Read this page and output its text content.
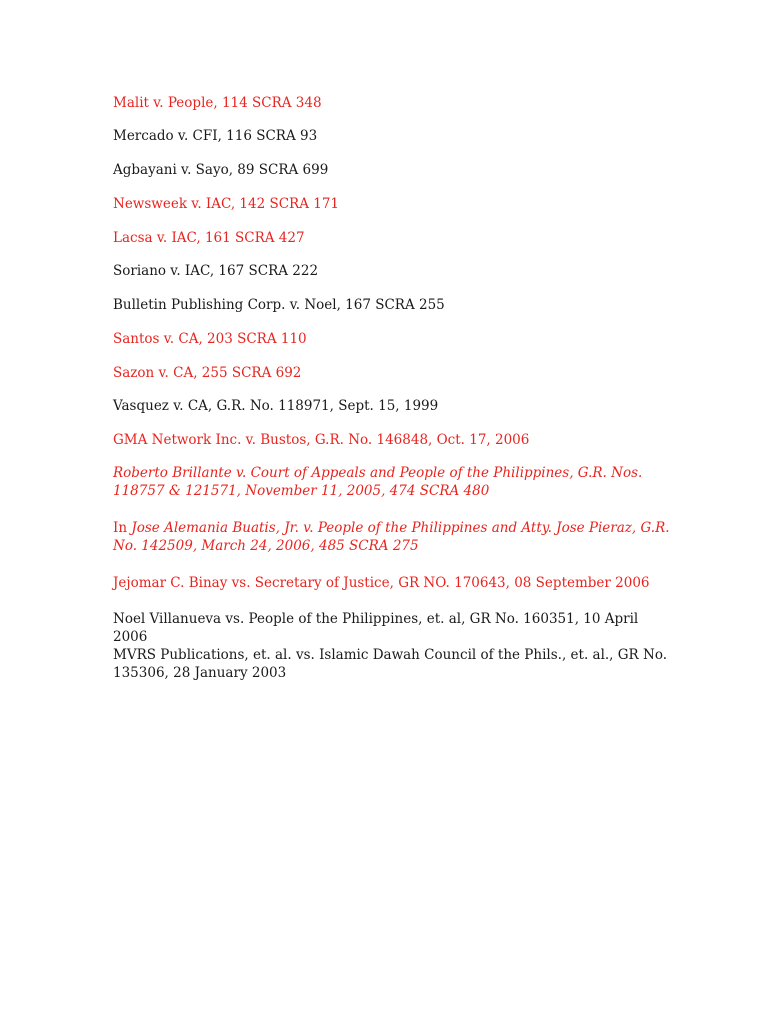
Malit v. People, 114 SCRA 348
Mercado v. CFI, 116 SCRA 93
Agbayani v. Sayo, 89 SCRA 699
Newsweek v. IAC, 142 SCRA 171
Lacsa v. IAC, 161 SCRA 427
Soriano v. IAC, 167 SCRA 222
Bulletin Publishing Corp. v. Noel, 167 SCRA 255
Santos v. CA, 203 SCRA 110
Sazon v. CA, 255 SCRA 692
Vasquez v. CA, G.R. No. 118971, Sept. 15, 1999
GMA Network Inc. v. Bustos, G.R. No. 146848, Oct. 17, 2006
Roberto Brillante v. Court of Appeals and People of the Philippines, G.R. Nos. 118757 & 121571, November 11, 2005, 474 SCRA 480
In Jose Alemania Buatis, Jr. v. People of the Philippines and Atty. Jose Pieraz, G.R. No. 142509, March 24, 2006, 485 SCRA 275
Jejomar C. Binay vs. Secretary of Justice, GR NO. 170643, 08 September 2006
Noel Villanueva vs. People of the Philippines, et. al, GR No. 160351, 10 April 2006
MVRS Publications, et. al. vs. Islamic Dawah Council of the Phils., et. al., GR No. 135306, 28 January 2003
